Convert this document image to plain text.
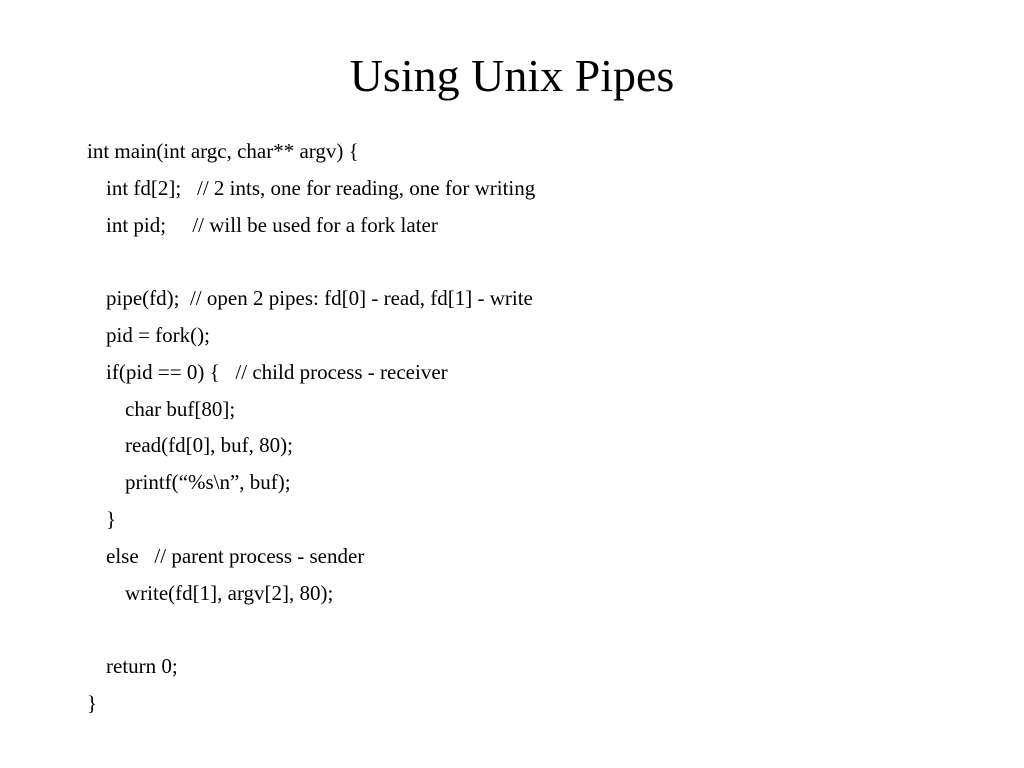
Using Unix Pipes
int main(int argc, char** argv) {
int fd[2];   // 2 ints, one for reading, one for writing
int pid;     // will be used for a fork later
pipe(fd);  // open 2 pipes: fd[0] - read, fd[1] - write
pid = fork();
if(pid == 0) {   // child process - receiver
char buf[80];
read(fd[0], buf, 80);
printf(“%s\n”, buf);
}
else   // parent process - sender
write(fd[1], argv[2], 80);
return 0;
}
